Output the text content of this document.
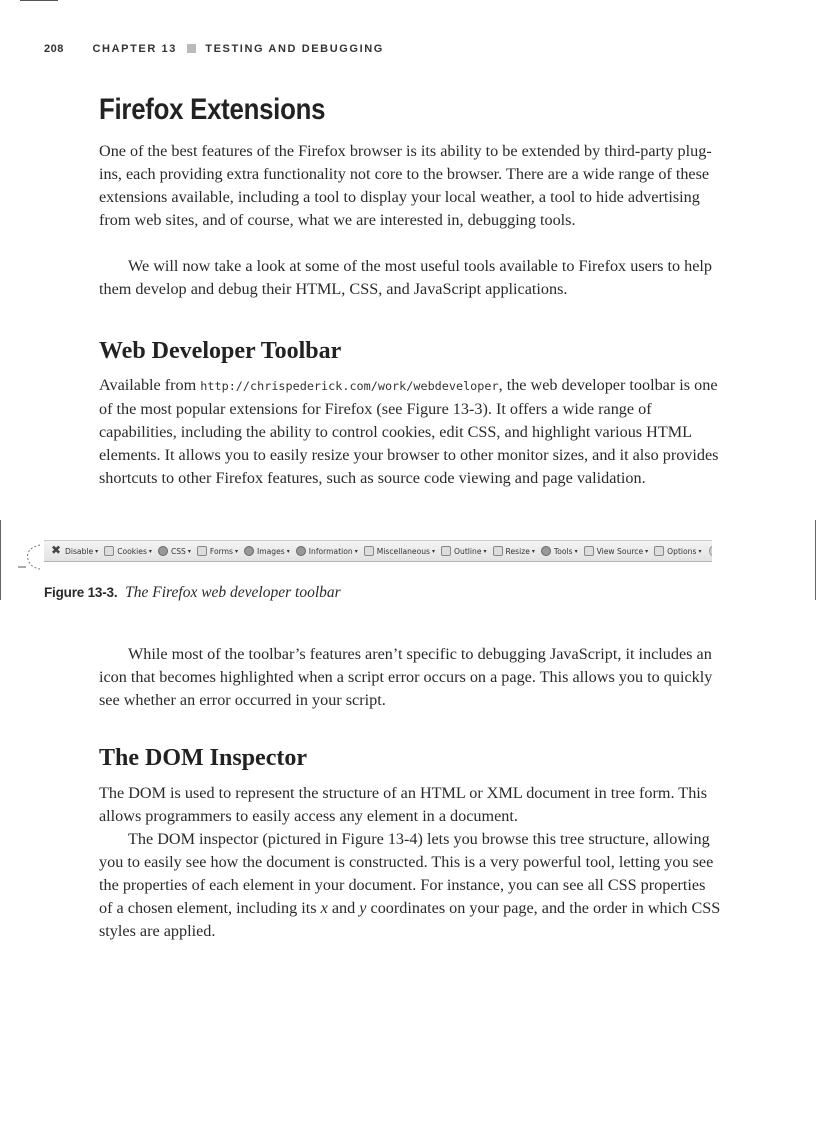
208	CHAPTER 13	TESTING AND DEBUGGING
Firefox Extensions

One of the best features of the Firefox browser is its ability to be extended by third-party plug-ins, each providing extra functionality not core to the browser. There are a wide range of these extensions available, including a tool to display your local weather, a tool to hide advertising from web sites, and of course, what we are interested in, debugging tools.

We will now take a look at some of the most useful tools available to Firefox users to help them develop and debug their HTML, CSS, and JavaScript applications.

Web Developer Toolbar

Available from http://chrispederick.com/work/webdeveloper, the web developer toolbar is one of the most popular extensions for Firefox (see Figure 13-3). It offers a wide range of capabilities, including the ability to control cookies, edit CSS, and highlight various HTML elements. It allows you to easily resize your browser to other monitor sizes, and it also provides shortcuts to other Firefox features, such as source code viewing and page validation.

✖ Disable ▾	Cookies ▾	CSS ▾	Forms ▾	Images ▾	Information ▾	Miscellaneous ▾	Outline ▾	Resize ▾	Tools ▾	View Source ▾	Options ▾
Figure 13-3. The Firefox web developer toolbar

While most of the toolbar’s features aren’t specific to debugging JavaScript, it includes an icon that becomes highlighted when a script error occurs on a page. This allows you to quickly see whether an error occurred in your script.

The DOM Inspector

The DOM is used to represent the structure of an HTML or XML document in tree form. This allows programmers to easily access any element in a document.

The DOM inspector (pictured in Figure 13-4) lets you browse this tree structure, allowing you to easily see how the document is constructed. This is a very powerful tool, letting you see the properties of each element in your document. For instance, you can see all CSS properties of a chosen element, including its x and y coordinates on your page, and the order in which CSS styles are applied.
